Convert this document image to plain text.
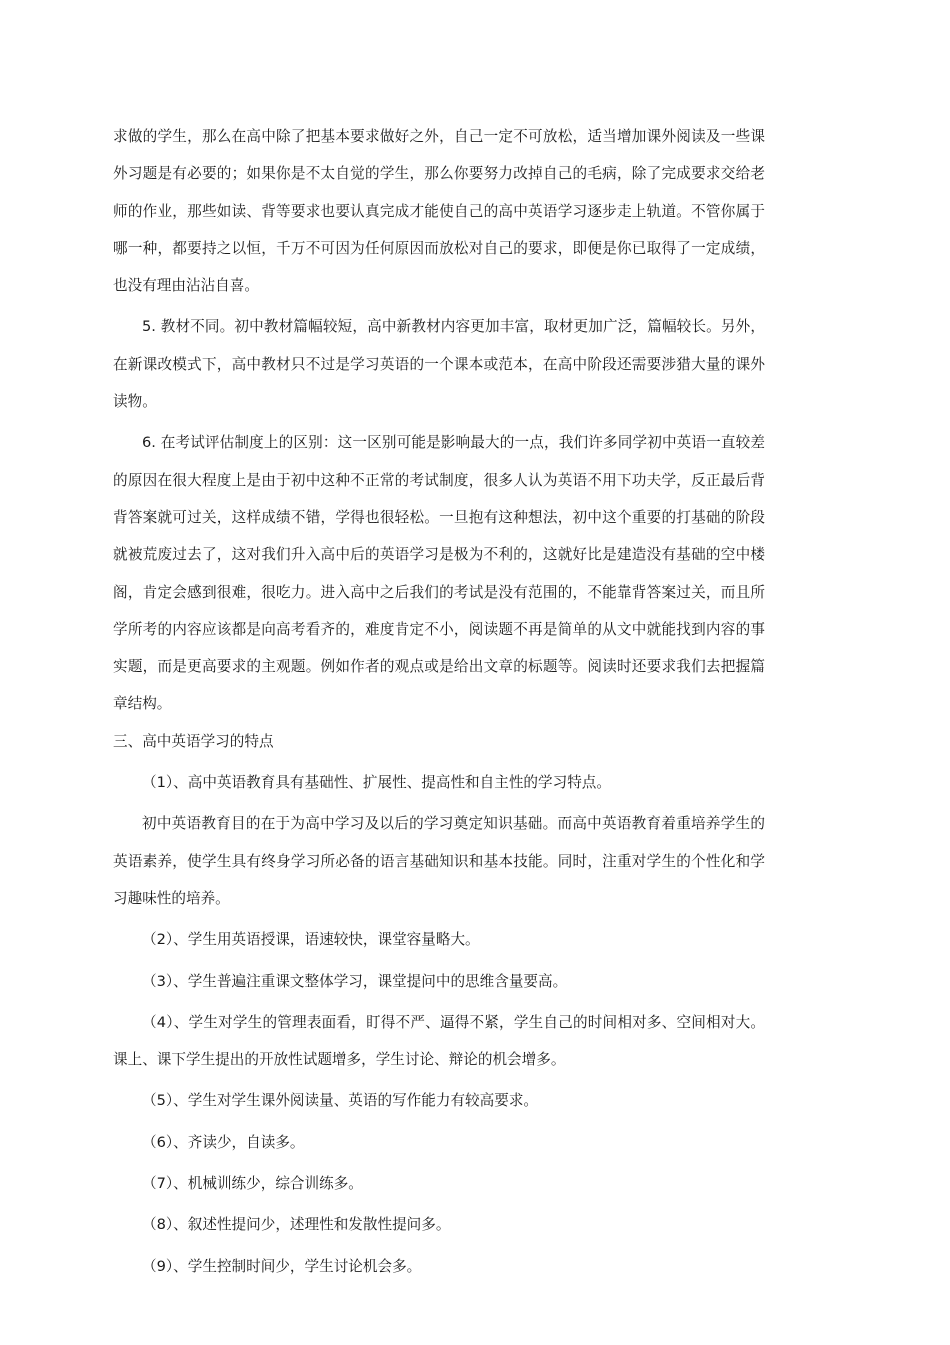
求做的学生，那么在高中除了把基本要求做好之外，自己一定不可放松，适当增加课外阅读及一些课外习题是有必要的；如果你是不太自觉的学生，那么你要努力改掉自己的毛病，除了完成要求交给老师的作业，那些如读、背等要求也要认真完成才能使自己的高中英语学习逐步走上轨道。不管你属于哪一种，都要持之以恒，千万不可因为任何原因而放松对自己的要求，即便是你已取得了一定成绩，也没有理由沾沾自喜。

5. 教材不同。初中教材篇幅较短，高中新教材内容更加丰富，取材更加广泛，篇幅较长。另外，在新课改模式下，高中教材只不过是学习英语的一个课本或范本，在高中阶段还需要涉猎大量的课外读物。

6. 在考试评估制度上的区别：这一区别可能是影响最大的一点，我们许多同学初中英语一直较差的原因在很大程度上是由于初中这种不正常的考试制度，很多人认为英语不用下功夫学，反正最后背背答案就可过关，这样成绩不错，学得也很轻松。一旦抱有这种想法，初中这个重要的打基础的阶段就被荒废过去了，这对我们升入高中后的英语学习是极为不利的，这就好比是建造没有基础的空中楼阁，肯定会感到很难，很吃力。进入高中之后我们的考试是没有范围的，不能靠背答案过关，而且所学所考的内容应该都是向高考看齐的，难度肯定不小，阅读题不再是简单的从文中就能找到内容的事实题，而是更高要求的主观题。例如作者的观点或是给出文章的标题等。阅读时还要求我们去把握篇章结构。

三、高中英语学习的特点

（1）、高中英语教育具有基础性、扩展性、提高性和自主性的学习特点。

初中英语教育目的在于为高中学习及以后的学习奠定知识基础。而高中英语教育着重培养学生的英语素养，使学生具有终身学习所必备的语言基础知识和基本技能。同时，注重对学生的个性化和学习趣味性的培养。

（2）、学生用英语授课，语速较快，课堂容量略大。

（3）、学生普遍注重课文整体学习，课堂提问中的思维含量要高。

（4）、学生对学生的管理表面看，盯得不严、逼得不紧，学生自己的时间相对多、空间相对大。课上、课下学生提出的开放性试题增多，学生讨论、辩论的机会增多。

（5）、学生对学生课外阅读量、英语的写作能力有较高要求。

（6）、齐读少，自读多。

（7）、机械训练少，综合训练多。

（8）、叙述性提问少，述理性和发散性提问多。

（9）、学生控制时间少，学生讨论机会多。
